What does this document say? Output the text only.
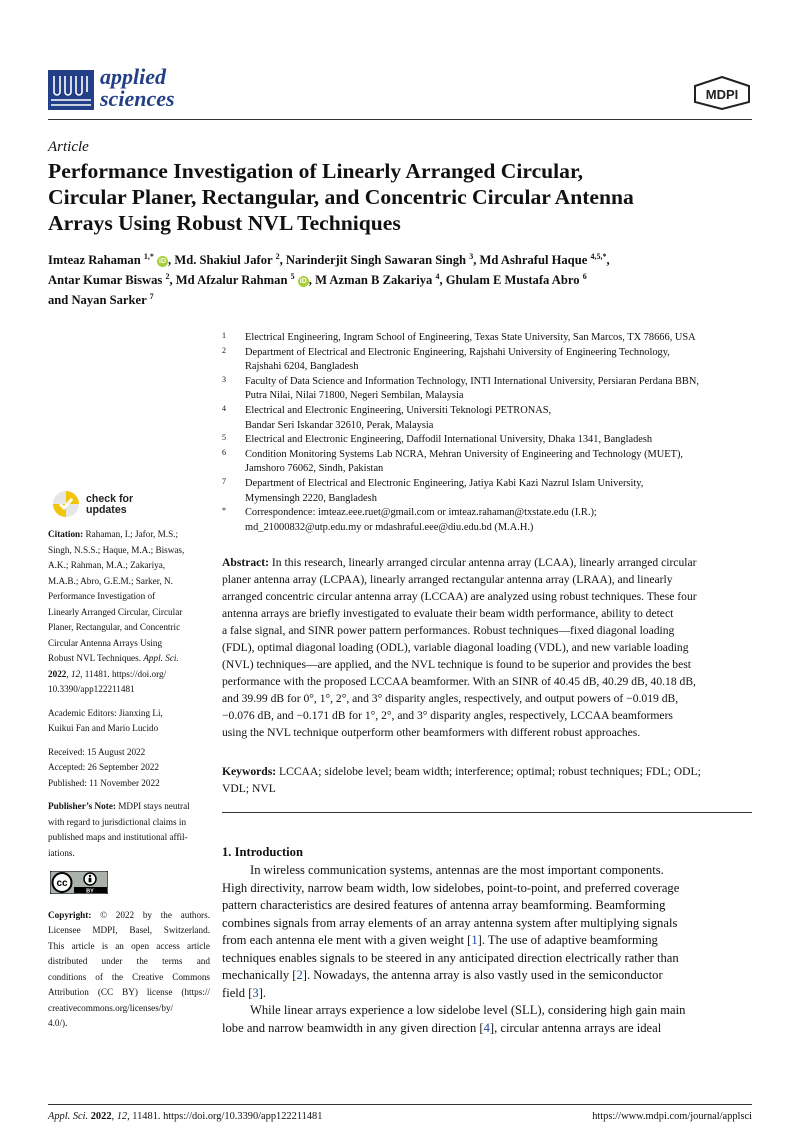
applied
sciences	MDPI
Article
Performance Investigation of Linearly Arranged Circular,
Circular Planer, Rectangular, and Concentric Circular Antenna
Arrays Using Robust NVL Techniques
Imteaz Rahaman $^{1,*}$ iD , Md. Shakiul Jafor $^2$, Narinderjit Singh Sawaran Singh $^3$, Md Ashraful Haque $^{4,5,*}$,
Antar Kumar Biswas $^2$, Md Afzalur Rahman $^5$ iD , M Azman B Zakariya $^4$, Ghulam E Mustafa Abro $^6$
and Nayan Sarker $^7$
1 Electrical Engineering, Ingram School of Engineering, Texas State University, San Marcos, TX 78666, USA
2 Department of Electrical and Electronic Engineering, Rajshahi University of Engineering Technology,
Rajshahi 6204, Bangladesh
3 Faculty of Data Science and Information Technology, INTI International University, Persiaran Perdana BBN,
Putra Nilai, Nilai 71800, Negeri Sembilan, Malaysia
4 Electrical and Electronic Engineering, Universiti Teknologi PETRONAS,
Bandar Seri Iskandar 32610, Perak, Malaysia
5 Electrical and Electronic Engineering, Daffodil International University, Dhaka 1341, Bangladesh
6 Condition Monitoring Systems Lab NCRA, Mehran University of Engineering and Technology (MUET),
Jamshoro 76062, Sindh, Pakistan
7 Department of Electrical and Electronic Engineering, Jatiya Kabi Kazi Nazrul Islam University,
Mymensingh 2220, Bangladesh
* Correspondence: imteaz.eee.ruet@gmail.com or imteaz.rahaman@txstate.edu (I.R.);
md_21000832@utp.edu.my or mdashraful.eee@diu.edu.bd (M.A.H.)
check for
updates
Citation: Rahaman, I.; Jafor, M.S.;
Singh, N.S.S.; Haque, M.A.; Biswas,
A.K.; Rahman, M.A.; Zakariya,
M.A.B.; Abro, G.E.M.; Sarker, N.
Performance Investigation of
Linearly Arranged Circular, Circular
Planer, Rectangular, and Concentric
Circular Antenna Arrays Using
Robust NVL Techniques. Appl. Sci.
2022, 12, 11481. https://doi.org/
10.3390/app122211481
Academic Editors: Jianxing Li,
Kuikui Fan and Mario Lucido
Received: 15 August 2022
Accepted: 26 September 2022
Published: 11 November 2022
Publisher’s Note: MDPI stays neutral
with regard to jurisdictional claims in
published maps and institutional affil-
iations.
cc
BY
Copyright: © 2022 by the authors.
Licensee MDPI, Basel, Switzerland.
This article is an open access article
distributed under the terms and
conditions of the Creative Commons
Attribution (CC BY) license (https://
creativecommons.org/licenses/by/
4.0/).
Abstract: In this research, linearly arranged circular antenna array (LCAA), linearly arranged circular
planer antenna array (LCPAA), linearly arranged rectangular antenna array (LRAA), and linearly
arranged concentric circular antenna array (LCCAA) are analyzed using robust techniques. These four
antenna arrays are briefly investigated to evaluate their beam width performance, ability to detect
a false signal, and SINR power pattern performances. Robust techniques—fixed diagonal loading
(FDL), optimal diagonal loading (ODL), variable diagonal loading (VDL), and new variable loading
(NVL) techniques—are applied, and the NVL technique is found to be superior and provides the best
performance with the proposed LCCAA beamformer. With an SINR of 40.45 dB, 40.29 dB, 40.18 dB,
and 39.99 dB for 0°, 1°, 2°, and 3° disparity angles, respectively, and output powers of −0.019 dB,
−0.076 dB, and −0.171 dB for 1°, 2°, and 3° disparity angles, respectively, LCCAA beamformers
using the NVL technique outperform other beamformers with different robust approaches.
Keywords: LCCAA; sidelobe level; beam width; interference; optimal; robust techniques; FDL; ODL;
VDL; NVL
1. Introduction
In wireless communication systems, antennas are the most important components.
High directivity, narrow beam width, low sidelobes, point-to-point, and preferred coverage
pattern characteristics are desired features of antenna array beamforming. Beamforming
combines signals from array elements of an array antenna system after multiplying signals
from each antenna ele ment with a given weight [1]. The use of adaptive beamforming
techniques enables signals to be steered in any anticipated direction electrically rather than
mechanically [2]. Nowadays, the antenna array is also vastly used in the semiconductor
field [3].
While linear arrays experience a low sidelobe level (SLL), considering high gain main
lobe and narrow beamwidth in any given direction [4], circular antenna arrays are ideal
Appl. Sci. 2022, 12, 11481. https://doi.org/10.3390/app122211481	https://www.mdpi.com/journal/applsci
